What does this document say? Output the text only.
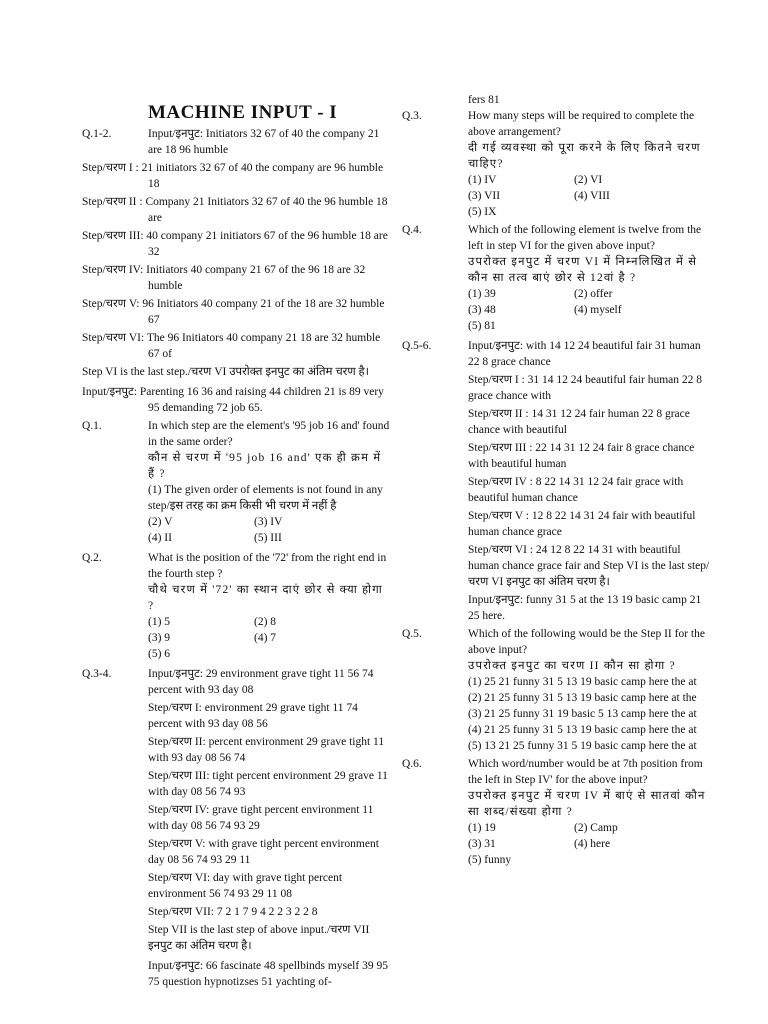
MACHINE INPUT - I
Q.1-2.	Input/इनपुट: Initiators 32 67 of 40 the company 21 are 18 96 humble
Step/चरण I : 21 initiators 32 67 of 40 the company are 96 humble 18
Step/चरण II : Company 21 Initiators 32 67 of 40 the 96 humble 18 are
Step/चरण III: 40 company 21 initiators 67 of the 96 humble 18 are 32
Step/चरण IV: Initiators 40 company 21 67 of the 96 18 are 32 humble
Step/चरण V: 96 Initiators 40 company 21 of the 18 are 32 humble 67
Step/चरण VI: The 96 Initiators 40 company 21 18 are 32 humble 67 of
Step VI is the last step./चरण VI उपरोक्त इनपुट का अंतिम चरण है।
Input/इनपुट: Parenting 16 36 and raising 44 children 21 is 89 very 95 demanding 72 job 65.
Q.1.	In which step are the element's '95 job 16 and' found in the same order?
कौन से चरण में '95 job 16 and' एक ही क्रम में हैं ?
(1) The given order of elements is not found in any step/इस तरह का क्रम किसी भी चरण में नहीं है
(2) V	(3) IV
(4) II	(5) III
Q.2.	What is the position of the '72' from the right end in the fourth step ?
चौथे चरण में '72' का स्थान दाएं छोर से क्या होगा ?
(1) 5	(2) 8
(3) 9	(4) 7
(5) 6
Q.3-4.	Input/इनपुट: 29 environment grave tight 11 56 74 percent with 93 day 08
Step/चरण I: environment 29 grave tight 11 74 percent with 93 day 08 56
Step/चरण II: percent environment 29 grave tight 11 with 93 day 08 56 74
Step/चरण III: tight percent environment 29 grave 11 with day 08 56 74 93
Step/चरण IV: grave tight percent environment 11 with day 08 56 74 93 29
Step/चरण V: with grave tight percent environment day 08 56 74 93 29 11
Step/चरण VI: day with grave tight percent environment 56 74 93 29 11 08
Step/चरण VII: 7 2 1 7 9 4 2 2 3 2 2 8
Step VII is the last step of above input./चरण VII इनपुट का अंतिम चरण है।
Input/इनपुट: 66 fascinate 48 spellbinds myself 39 95 75 question hypnotizses 51 yachting of-
fers 81
Q.3.	How many steps will be required to complete the above arrangement?
दी गई व्यवस्था को पूरा करने के लिए कितने चरण चाहिए?
(1) IV	(2) VI
(3) VII	(4) VIII
(5) IX
Q.4.	Which of the following element is twelve from the left in step VI for the given above input?
उपरोक्त इनपुट में चरण VI में निम्नलिखित में से कौन सा तत्व बाएं छोर से 12वां है ?
(1) 39	(2) offer
(3) 48	(4) myself
(5) 81
Q.5-6.	Input/इनपुट: with 14 12 24 beautiful fair 31 human 22 8 grace chance
Step/चरण I : 31 14 12 24 beautiful fair human 22 8 grace chance with
Step/चरण II : 14 31 12 24 fair human 22 8 grace chance with beautiful
Step/चरण III : 22 14 31 12 24 fair 8 grace chance with beautiful human
Step/चरण IV : 8 22 14 31 12 24 fair grace with beautiful human chance
Step/चरण V : 12 8 22 14 31 24 fair with beautiful human chance grace
Step/चरण VI : 24 12 8 22 14 31 with beautiful human chance grace fair and Step VI is the last step/चरण VI इनपुट का अंतिम चरण है।
Input/इनपुट: funny 31 5 at the 13 19 basic camp 21 25 here.
Q.5.	Which of the following would be the Step II for the above input?
उपरोक्त इनपुट का चरण II कौन सा होगा ?
(1) 25 21 funny 31 5 13 19 basic camp here the at
(2) 21 25 funny 31 5 13 19 basic camp here at the
(3) 21 25 funny 31 19 basic 5 13 camp here the at
(4) 21 25 funny 31 5 13 19 basic camp here the at
(5) 13 21 25 funny 31 5 19 basic camp here the at
Q.6.	Which word/number would be at 7th position from the left in Step IV' for the above input?
उपरोक्त इनपुट में चरण IV में बाएं से सातवां कौन सा शब्द/संख्या होगा ?
(1) 19	(2) Camp
(3) 31	(4) here
(5) funny
